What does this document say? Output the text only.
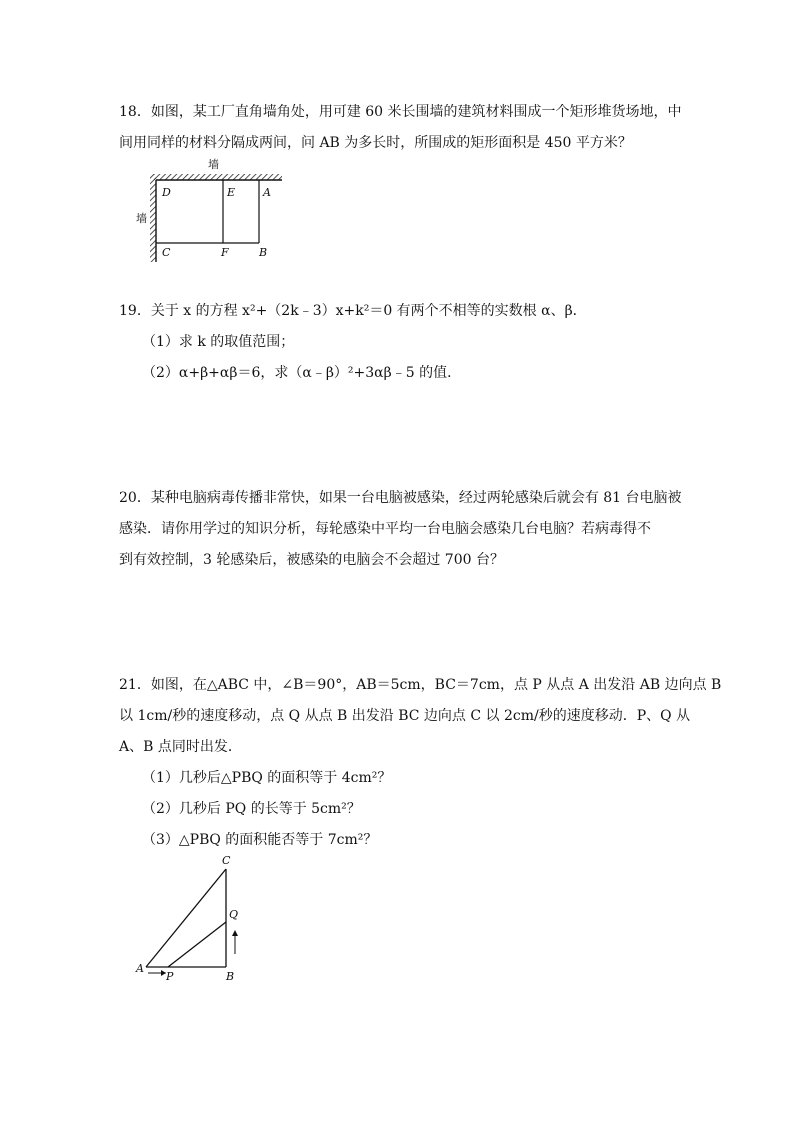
18．如图，某工厂直角墙角处，用可建 60 米长围墙的建筑材料围成一个矩形堆货场地，中
间用同样的材料分隔成两间，问 AB 为多长时，所围成的矩形面积是 450 平方米？
墙
墙
D	E	A
C	F	B
19．关于 x 的方程 x²+（2k﹣3）x+k²＝0 有两个不相等的实数根 α、β．
（1）求 k 的取值范围；
（2）α+β+αβ＝6，求（α﹣β）²+3αβ﹣5 的值．
20．某种电脑病毒传播非常快，如果一台电脑被感染，经过两轮感染后就会有 81 台电脑被
感染．请你用学过的知识分析，每轮感染中平均一台电脑会感染几台电脑？若病毒得不
到有效控制，3 轮感染后，被感染的电脑会不会超过 700 台？
21．如图，在△ABC 中，∠B＝90°，AB＝5cm，BC＝7cm，点 P 从点 A 出发沿 AB 边向点 B
以 1cm/秒的速度移动，点 Q 从点 B 出发沿 BC 边向点 C 以 2cm/秒的速度移动．P、Q 从
A、B 点同时出发．
（1）几秒后△PBQ 的面积等于 4cm²？
（2）几秒后 PQ 的长等于 5cm²？
（3）△PBQ 的面积能否等于 7cm²？
C
Q
A
P	B
